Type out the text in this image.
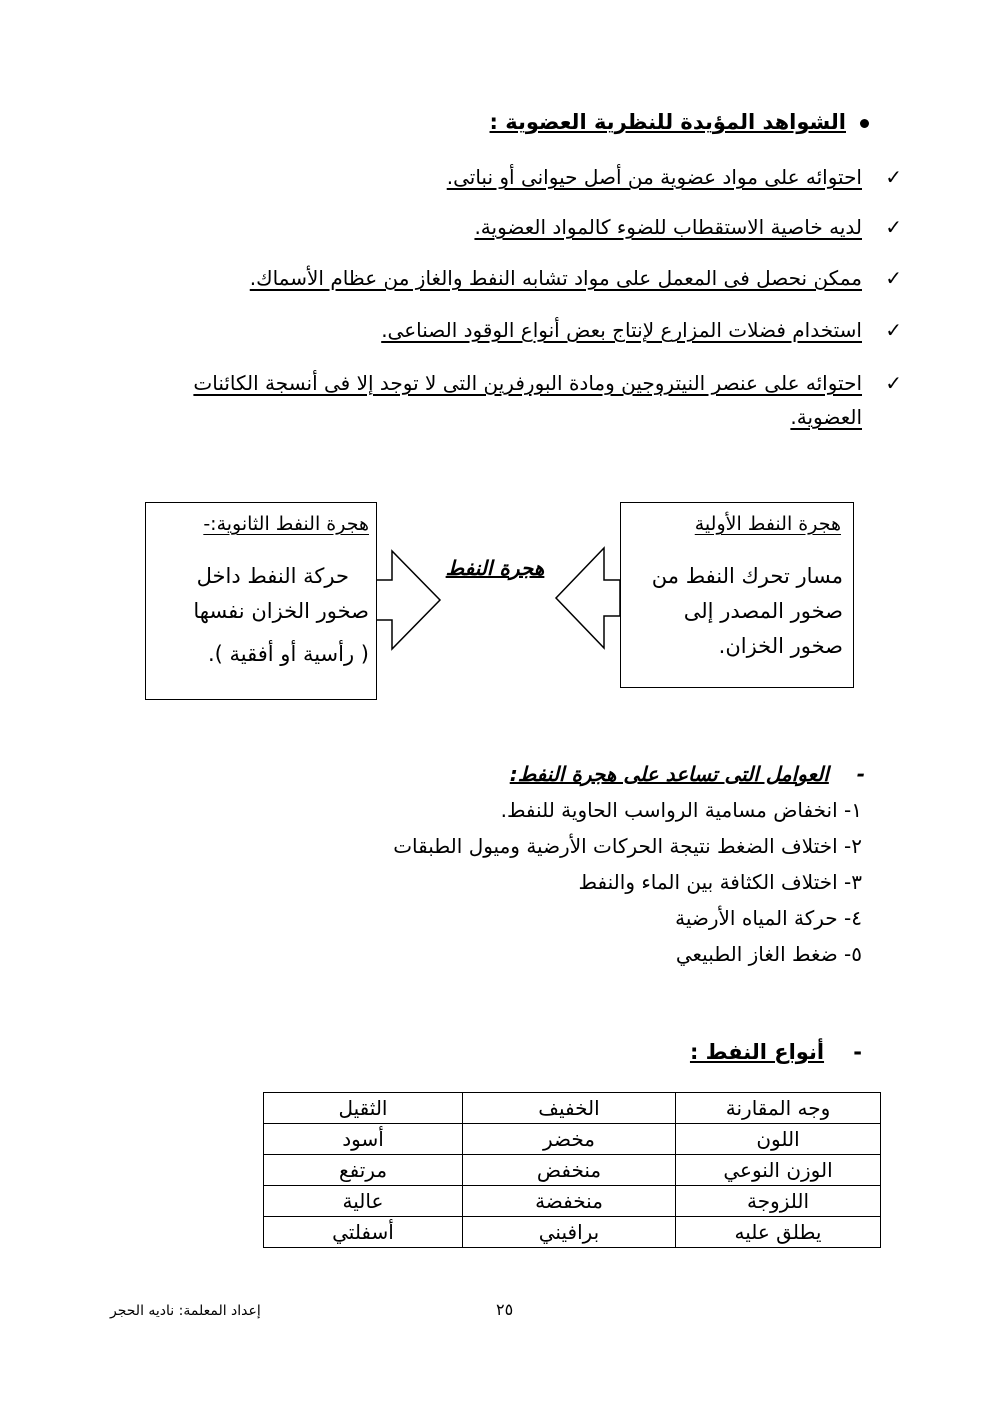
الشواهد المؤيدة للنظرية العضوية :
✓
احتوائه على مواد عضوية من أصل حيوانى أو نباتى.
✓
لديه خاصية الاستقطاب للضوء كالمواد العضوية.
✓
ممكن نحصل فى المعمل على مواد تشابه النفط والغاز من عظام الأسماك.
✓
استخدام فضلات المزارع لإنتاج بعض أنواع الوقود الصناعى.
✓
احتوائه على عنصر النيتروجين ومادة البورفرين التى لا توجد إلا فى أنسجة الكائنات العضوية.
هجرة النفط الثانوية:-
حركة النفط داخل
صخور الخزان نفسها
( رأسية أو أفقية ).
هجرة النفط
هجرة النفط الأولية
مسار تحرك النفط من
صخور المصدر إلى
صخور الخزان.
-    العوامل التى تساعد على هجرة النفط:
١- انخفاض مسامية الرواسب الحاوية للنفط.
٢- اختلاف الضغط نتيجة الحركات الأرضية وميول الطبقات
٣- اختلاف الكثافة بين الماء والنفط
٤- حركة المياه الأرضية
٥- ضغط الغاز الطبيعي
-    أنواع النفط :
وجه المقارنة	الخفيف	الثقيل
اللون	مخضر	أسود
الوزن النوعي	منخفض	مرتفع
اللزوجة	منخفضة	عالية
يطلق عليه	برافيني	أسفلتي
٢٥
إعداد المعلمة: ناديه الحجر
